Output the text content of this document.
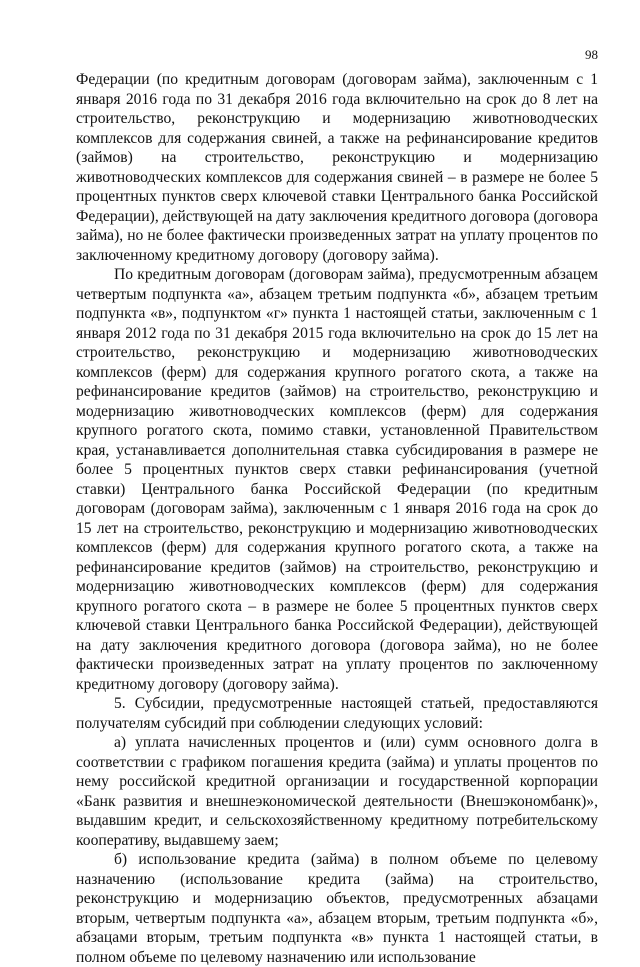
98

Федерации (по кредитным договорам (договорам займа), заключенным с 1 января 2016 года по 31 декабря 2016 года включительно на срок до 8 лет на строительство, реконструкцию и модернизацию животноводческих комплексов для содержания свиней, а также на рефинансирование кредитов (займов) на строительство, реконструкцию и модернизацию животноводческих комплексов для содержания свиней – в размере не более 5 процентных пунктов сверх ключевой ставки Центрального банка Российской Федерации), действующей на дату заключения кредитного договора (договора займа), но не более фактически произведенных затрат на уплату процентов по заключенному кредитному договору (договору займа).

По кредитным договорам (договорам займа), предусмотренным абзацем четвертым подпункта «а», абзацем третьим подпункта «б», абзацем третьим подпункта «в», подпунктом «г» пункта 1 настоящей статьи, заключенным с 1 января 2012 года по 31 декабря 2015 года включительно на срок до 15 лет на строительство, реконструкцию и модернизацию животноводческих комплексов (ферм) для содержания крупного рогатого скота, а также на рефинансирование кредитов (займов) на строительство, реконструкцию и модернизацию животноводческих комплексов (ферм) для содержания крупного рогатого скота, помимо ставки, установленной Правительством края, устанавливается дополнительная ставка субсидирования в размере не более 5 процентных пунктов сверх ставки рефинансирования (учетной ставки) Центрального банка Российской Федерации (по кредитным договорам (договорам займа), заключенным с 1 января 2016 года на срок до 15 лет на строительство, реконструкцию и модернизацию животноводческих комплексов (ферм) для содержания крупного рогатого скота, а также на рефинансирование кредитов (займов) на строительство, реконструкцию и модернизацию животноводческих комплексов (ферм) для содержания крупного рогатого скота – в размере не более 5 процентных пунктов сверх ключевой ставки Центрального банка Российской Федерации), действующей на дату заключения кредитного договора (договора займа), но не более фактически произведенных затрат на уплату процентов по заключенному кредитному договору (договору займа).

5. Субсидии, предусмотренные настоящей статьей, предоставляются получателям субсидий при соблюдении следующих условий:

а) уплата начисленных процентов и (или) сумм основного долга в соответствии с графиком погашения кредита (займа) и уплаты процентов по нему российской кредитной организации и государственной корпорации «Банк развития и внешнеэкономической деятельности (Внешэкономбанк)», выдавшим кредит, и сельскохозяйственному кредитному потребительскому кооперативу, выдавшему заем;

б) использование кредита (займа) в полном объеме по целевому назначению (использование кредита (займа) на строительство, реконструкцию и модернизацию объектов, предусмотренных абзацами вторым, четвертым подпункта «а», абзацем вторым, третьим подпункта «б», абзацами вторым, третьим подпункта «в» пункта 1 настоящей статьи, в полном объеме по целевому назначению или использование
